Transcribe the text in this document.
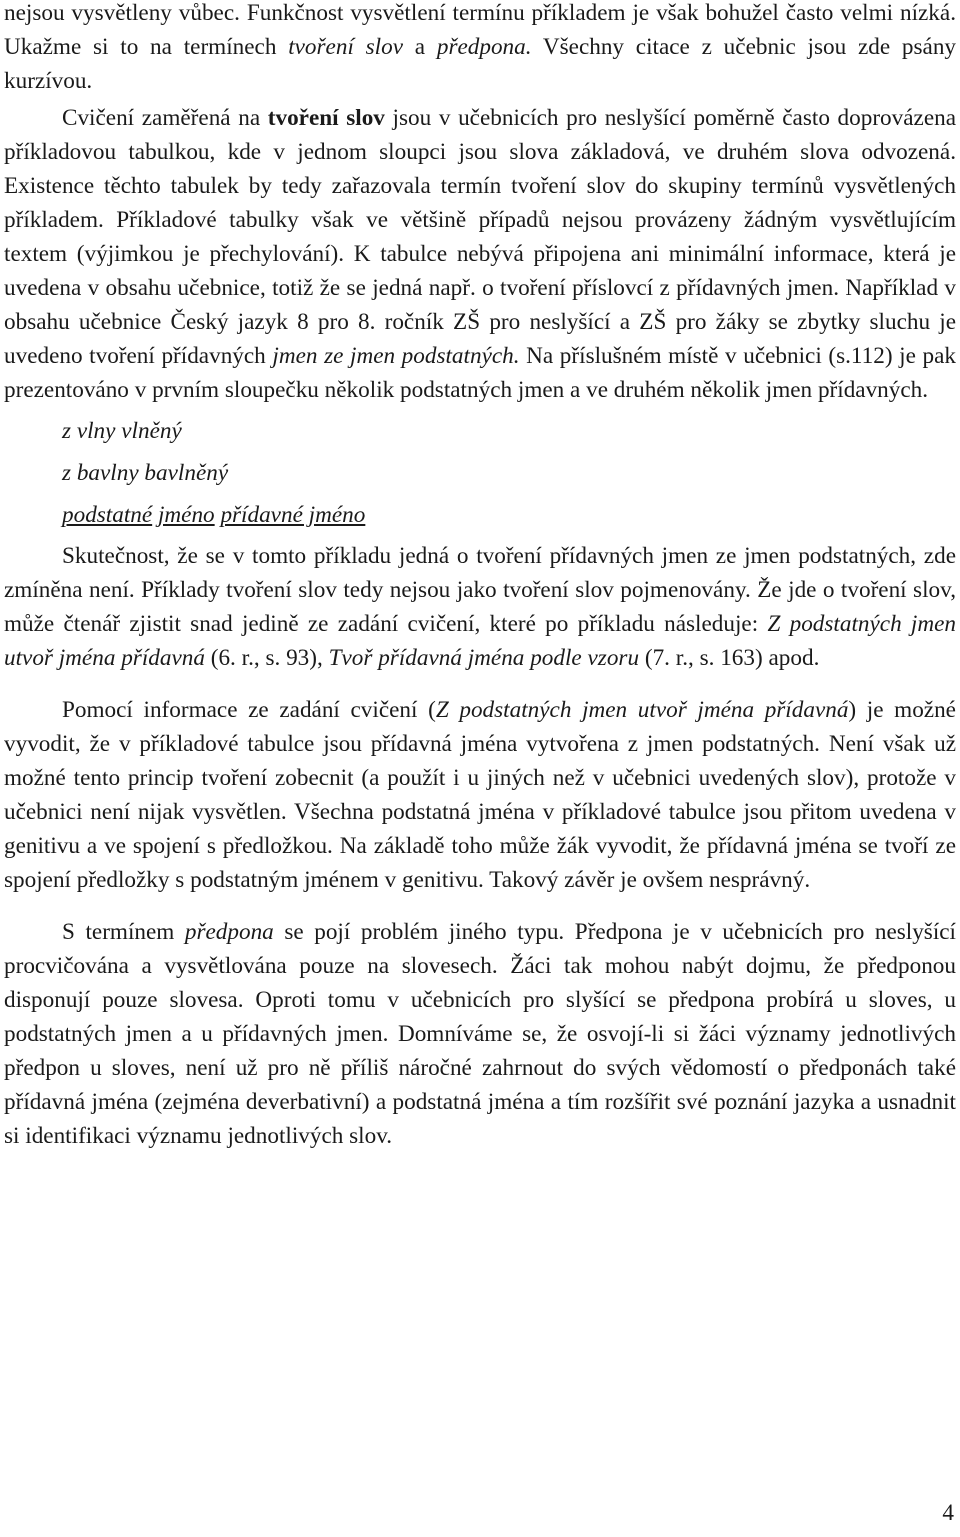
nejsou vysvětleny vůbec. Funkčnost vysvětlení termínu příkladem je však bohužel často velmi nízká. Ukažme si to na termínech tvoření slov a předpona. Všechny citace z učebnic jsou zde psány kurzívou.

Cvičení zaměřená na tvoření slov jsou v učebnicích pro neslyšící poměrně často doprovázena příkladovou tabulkou, kde v jednom sloupci jsou slova základová, ve druhém slova odvozená. Existence těchto tabulek by tedy zařazovala termín tvoření slov do skupiny termínů vysvětlených příkladem. Příkladové tabulky však ve většině případů nejsou provázeny žádným vysvětlujícím textem (výjimkou je přechylování). K tabulce nebývá připojena ani minimální informace, která je uvedena v obsahu učebnice, totiž že se jedná např. o tvoření příslovcí z přídavných jmen. Například v obsahu učebnice Český jazyk 8 pro 8. ročník ZŠ pro neslyšící a ZŠ pro žáky se zbytky sluchu je uvedeno tvoření přídavných jmen ze jmen podstatných. Na příslušném místě v učebnici (s.112) je pak prezentováno v prvním sloupečku několik podstatných jmen a ve druhém několik jmen přídavných.

z vlny vlněný

z bavlny bavlněný

podstatné jméno přídavné jméno

Skutečnost, že se v tomto příkladu jedná o tvoření přídavných jmen ze jmen podstatných, zde zmíněna není. Příklady tvoření slov tedy nejsou jako tvoření slov pojmenovány. Že jde o tvoření slov, může čtenář zjistit snad jedině ze zadání cvičení, které po příkladu následuje: Z podstatných jmen utvoř jména přídavná (6. r., s. 93), Tvoř přídavná jména podle vzoru (7. r., s. 163) apod.

Pomocí informace ze zadání cvičení (Z podstatných jmen utvoř jména přídavná) je možné vyvodit, že v příkladové tabulce jsou přídavná jména vytvořena z jmen podstatných. Není však už možné tento princip tvoření zobecnit (a použít i u jiných než v učebnici uvedených slov), protože v učebnici není nijak vysvětlen. Všechna podstatná jména v příkladové tabulce jsou přitom uvedena v genitivu a ve spojení s předložkou. Na základě toho může žák vyvodit, že přídavná jména se tvoří ze spojení předložky s podstatným jménem v genitivu. Takový závěr je ovšem nesprávný.

S termínem předpona se pojí problém jiného typu. Předpona je v učebnicích pro neslyšící procvičována a vysvětlována pouze na slovesech. Žáci tak mohou nabýt dojmu, že předponou disponují pouze slovesa. Oproti tomu v učebnicích pro slyšící se předpona probírá u sloves, u podstatných jmen a u přídavných jmen. Domníváme se, že osvojí-li si žáci významy jednotlivých předpon u sloves, není už pro ně příliš náročné zahrnout do svých vědomostí o předponách také přídavná jména (zejména deverbativní) a podstatná jména a tím rozšířit své poznání jazyka a usnadnit si identifikaci významu jednotlivých slov.

4
